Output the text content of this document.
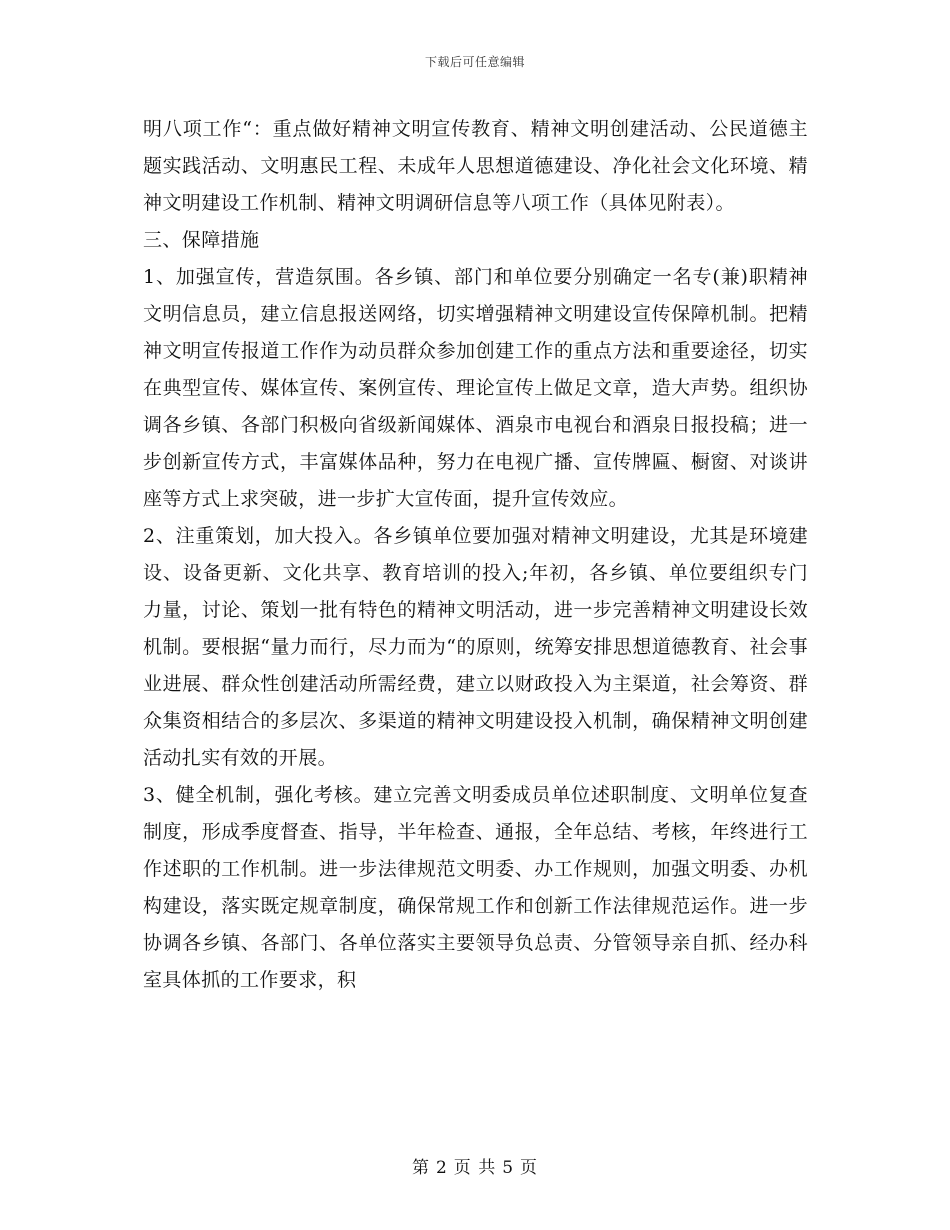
下载后可任意编辑

明八项工作“：重点做好精神文明宣传教育、精神文明创建活动、公民道德主题实践活动、文明惠民工程、未成年人思想道德建设、净化社会文化环境、精神文明建设工作机制、精神文明调研信息等八项工作（具体见附表）。

三、保障措施

1、加强宣传，营造氛围。各乡镇、部门和单位要分别确定一名专(兼)职精神文明信息员，建立信息报送网络，切实增强精神文明建设宣传保障机制。把精神文明宣传报道工作作为动员群众参加创建工作的重点方法和重要途径，切实在典型宣传、媒体宣传、案例宣传、理论宣传上做足文章，造大声势。组织协调各乡镇、各部门积极向省级新闻媒体、酒泉市电视台和酒泉日报投稿；进一步创新宣传方式，丰富媒体品种，努力在电视广播、宣传牌匾、橱窗、对谈讲座等方式上求突破，进一步扩大宣传面，提升宣传效应。

2、注重策划，加大投入。各乡镇单位要加强对精神文明建设，尤其是环境建设、设备更新、文化共享、教育培训的投入;年初，各乡镇、单位要组织专门力量，讨论、策划一批有特色的精神文明活动，进一步完善精神文明建设长效机制。要根据“量力而行，尽力而为“的原则，统筹安排思想道德教育、社会事业进展、群众性创建活动所需经费，建立以财政投入为主渠道，社会筹资、群众集资相结合的多层次、多渠道的精神文明建设投入机制，确保精神文明创建活动扎实有效的开展。

3、健全机制，强化考核。建立完善文明委成员单位述职制度、文明单位复查制度，形成季度督查、指导，半年检查、通报，全年总结、考核，年终进行工作述职的工作机制。进一步法律规范文明委、办工作规则，加强文明委、办机构建设，落实既定规章制度，确保常规工作和创新工作法律规范运作。进一步协调各乡镇、各部门、各单位落实主要领导负总责、分管领导亲自抓、经办科室具体抓的工作要求，积

第 2 页 共 5 页
